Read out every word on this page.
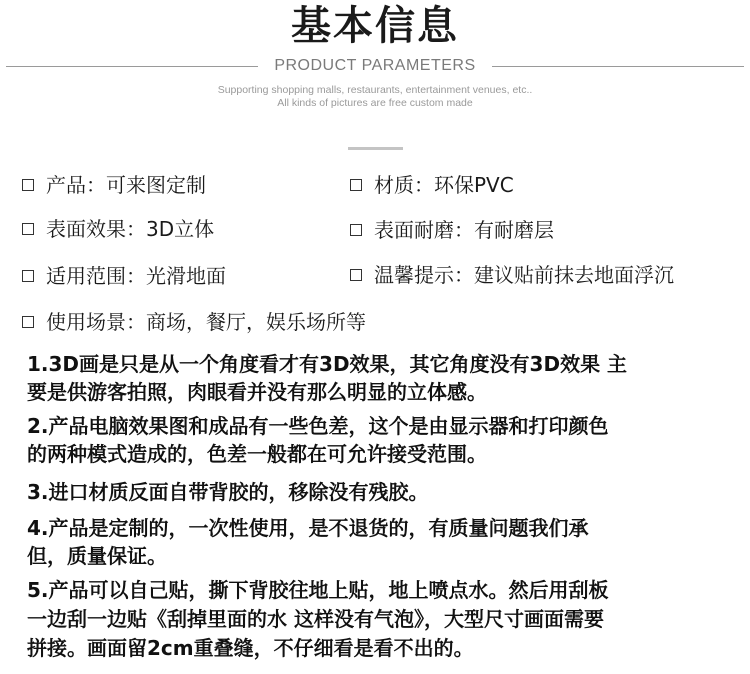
基本信息
PRODUCT PARAMETERS
Supporting shopping malls, restaurants, entertainment venues, etc..
All kinds of pictures are free custom made
产品：可来图定制	材质：环保PVC
表面效果：3D立体	表面耐磨：有耐磨层
适用范围：光滑地面	温馨提示：建议贴前抹去地面浮沉
使用场景：商场，餐厅，娱乐场所等
1.3D画是只是从一个角度看才有3D效果，其它角度没有3D效果 主
要是供游客拍照，肉眼看并没有那么明显的立体感。
2.产品电脑效果图和成品有一些色差，这个是由显示器和打印颜色
的两种模式造成的，色差一般都在可允许接受范围。
3.进口材质反面自带背胶的，移除没有残胶。
4.产品是定制的，一次性使用，是不退货的，有质量问题我们承
但，质量保证。
5.产品可以自己贴，撕下背胶往地上贴，地上喷点水。然后用刮板
一边刮一边贴《刮掉里面的水 这样没有气泡》，大型尺寸画面需要
拼接。画面留2cm重叠缝，不仔细看是看不出的。
